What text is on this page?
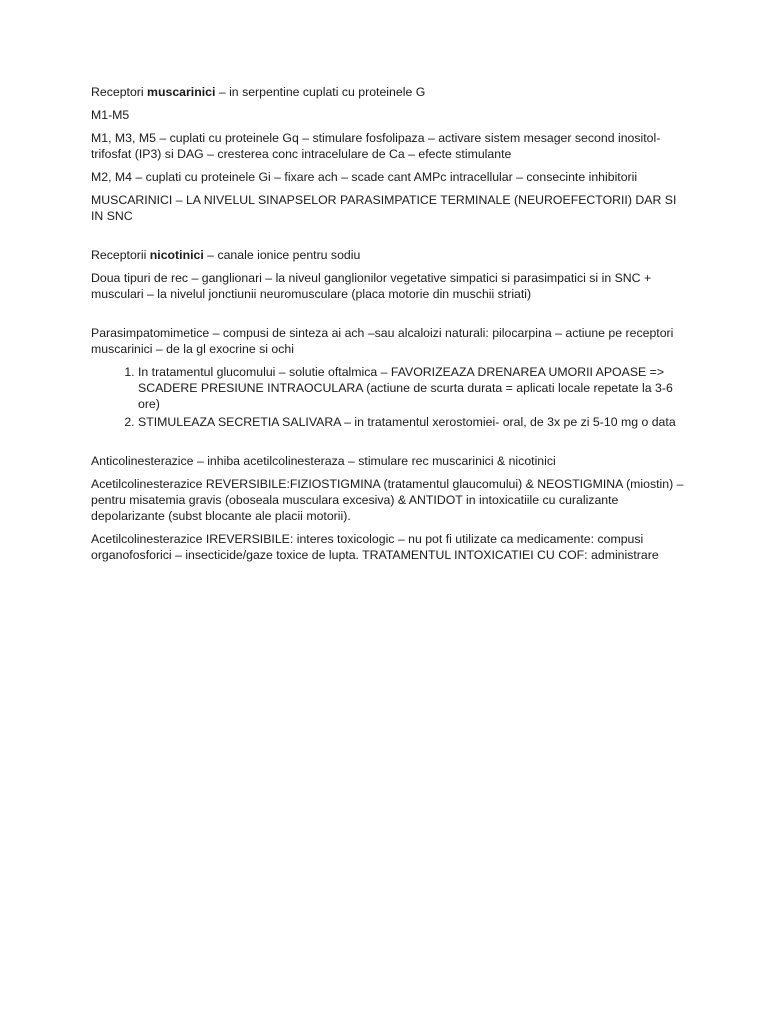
Receptori muscarinici – in serpentine cuplati cu proteinele G

M1-M5

M1, M3, M5 – cuplati cu proteinele Gq – stimulare fosfolipaza – activare sistem mesager second inositol-trifosfat (IP3) si DAG – cresterea conc intracelulare de Ca – efecte stimulante

M2, M4 – cuplati cu proteinele Gi – fixare ach – scade cant AMPc intracellular – consecinte inhibitorii

MUSCARINICI – LA NIVELUL SINAPSELOR PARASIMPATICE TERMINALE (NEUROEFECTORII) DAR SI IN SNC

Receptorii nicotinici – canale ionice pentru sodiu

Doua tipuri de rec – ganglionari – la niveul ganglionilor vegetative simpatici si parasimpatici si in SNC + musculari – la nivelul jonctiunii neuromusculare (placa motorie din muschii striati)

Parasimpatomimetice – compusi de sinteza ai ach –sau alcaloizi naturali: pilocarpina – actiune pe receptori muscarinici – de la gl exocrine si ochi

1. In tratamentul glucomului – solutie oftalmica – FAVORIZEAZA DRENAREA UMORII APOASE => SCADERE PRESIUNE INTRAOCULARA (actiune de scurta durata = aplicati locale repetate la 3-6 ore)
2. STIMULEAZA SECRETIA SALIVARA – in tratamentul xerostomiei- oral, de 3x pe zi 5-10 mg o data

Anticolinesterazice – inhiba acetilcolinesteraza – stimulare rec muscarinici & nicotinici

Acetilcolinesterazice REVERSIBILE:FIZIOSTIGMINA (tratamentul glaucomului) & NEOSTIGMINA (miostin) – pentru misatemia gravis (oboseala musculara excesiva) & ANTIDOT in intoxicatiile cu curalizante depolarizante (subst blocante ale placii motorii).

Acetilcolinesterazice IREVERSIBILE: interes toxicologic – nu pot fi utilizate ca medicamente: compusi organofosforici – insecticide/gaze toxice de lupta. TRATAMENTUL INTOXICATIEI CU COF: administrare
